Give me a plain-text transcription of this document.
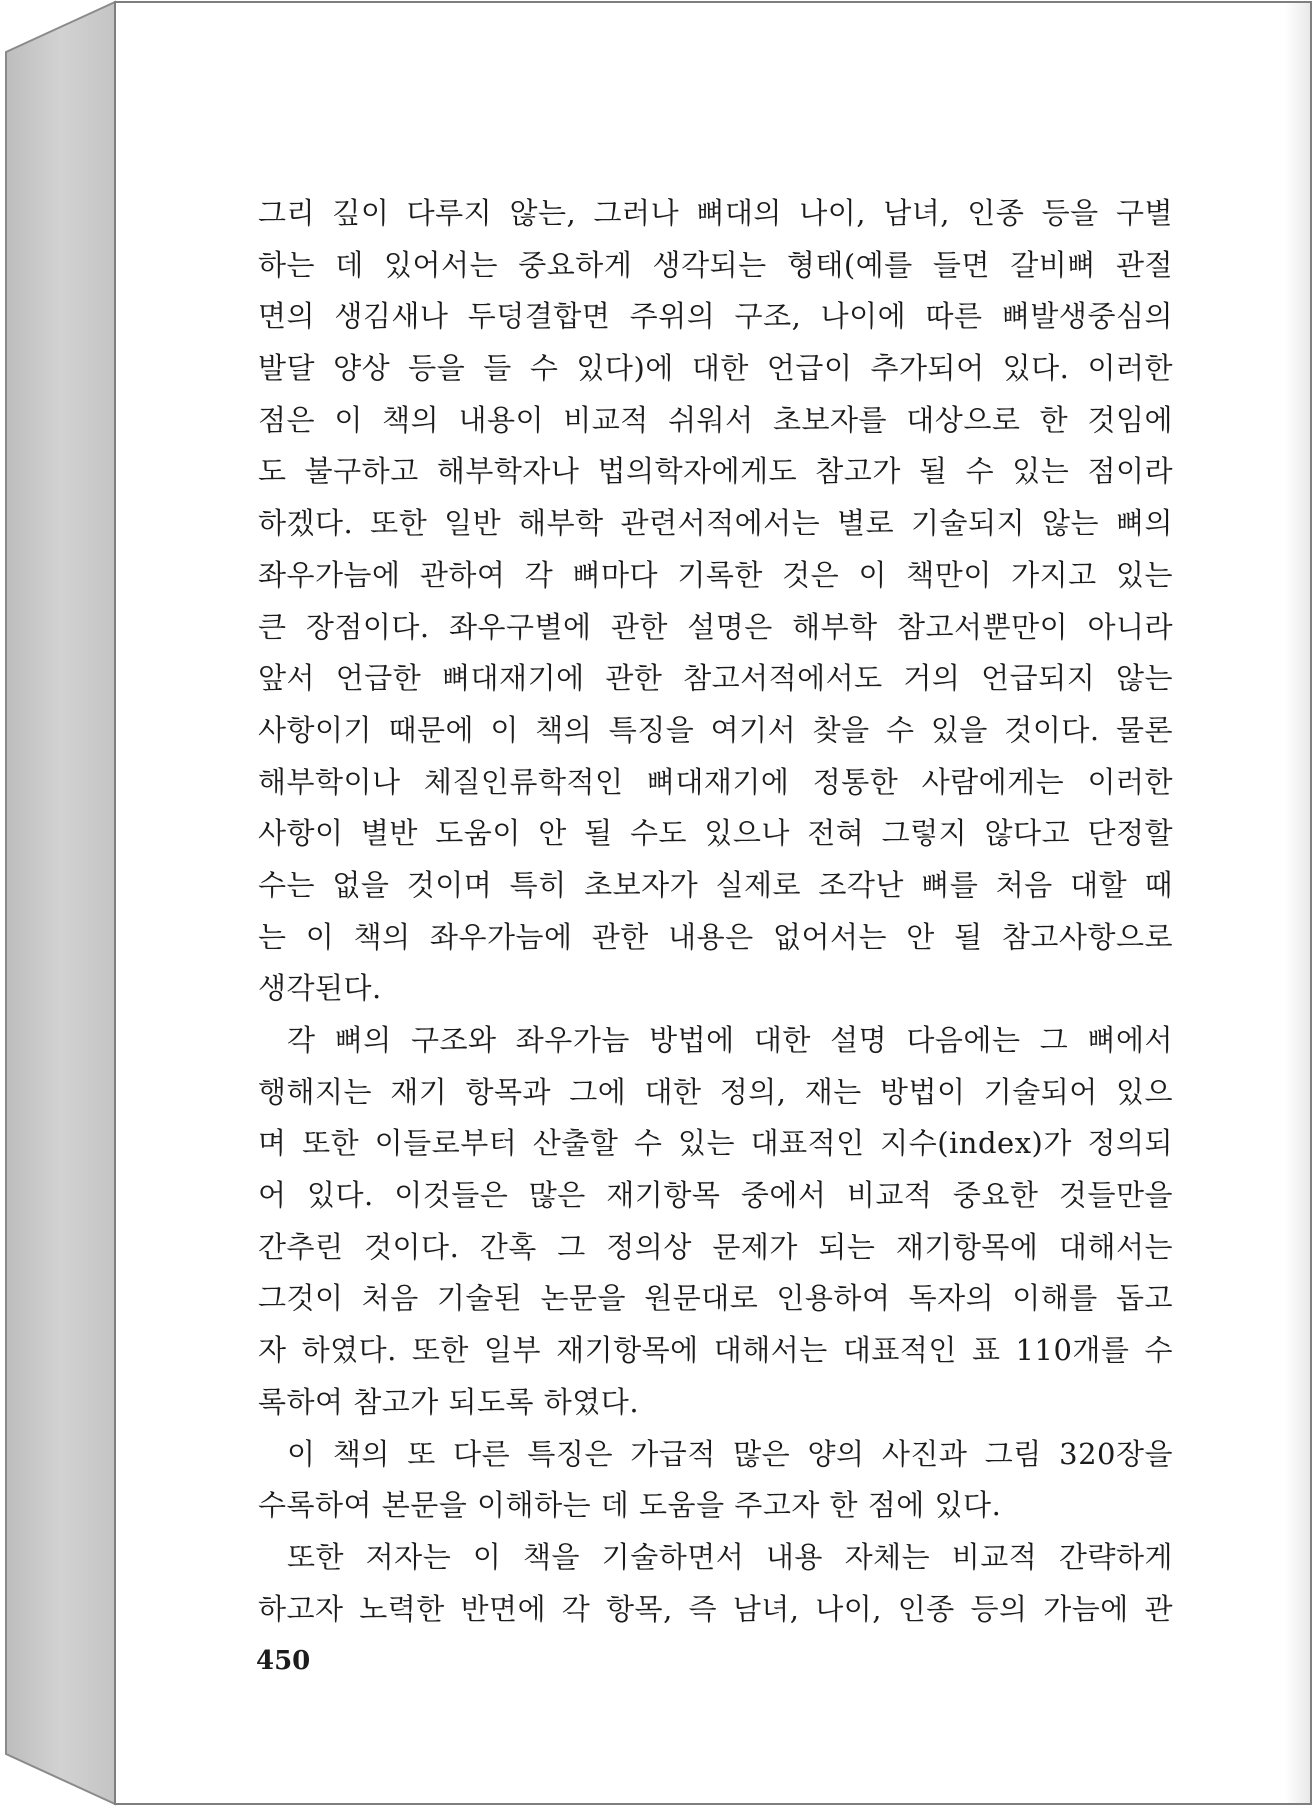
그리 깊이 다루지 않는, 그러나 뼈대의 나이, 남녀, 인종 등을 구별
하는 데 있어서는 중요하게 생각되는 형태(예를 들면 갈비뼈 관절
면의 생김새나 두덩결합면 주위의 구조, 나이에 따른 뼈발생중심의
발달 양상 등을 들 수 있다)에 대한 언급이 추가되어 있다. 이러한
점은 이 책의 내용이 비교적 쉬워서 초보자를 대상으로 한 것임에
도 불구하고 해부학자나 법의학자에게도 참고가 될 수 있는 점이라
하겠다. 또한 일반 해부학 관련서적에서는 별로 기술되지 않는 뼈의
좌우가늠에 관하여 각 뼈마다 기록한 것은 이 책만이 가지고 있는
큰 장점이다. 좌우구별에 관한 설명은 해부학 참고서뿐만이 아니라
앞서 언급한 뼈대재기에 관한 참고서적에서도 거의 언급되지 않는
사항이기 때문에 이 책의 특징을 여기서 찾을 수 있을 것이다. 물론
해부학이나 체질인류학적인 뼈대재기에 정통한 사람에게는 이러한
사항이 별반 도움이 안 될 수도 있으나 전혀 그렇지 않다고 단정할
수는 없을 것이며 특히 초보자가 실제로 조각난 뼈를 처음 대할 때
는 이 책의 좌우가늠에 관한 내용은 없어서는 안 될 참고사항으로
생각된다.
각 뼈의 구조와 좌우가늠 방법에 대한 설명 다음에는 그 뼈에서
행해지는 재기 항목과 그에 대한 정의, 재는 방법이 기술되어 있으
며 또한 이들로부터 산출할 수 있는 대표적인 지수(index)가 정의되
어 있다. 이것들은 많은 재기항목 중에서 비교적 중요한 것들만을
간추린 것이다. 간혹 그 정의상 문제가 되는 재기항목에 대해서는
그것이 처음 기술된 논문을 원문대로 인용하여 독자의 이해를 돕고
자 하였다. 또한 일부 재기항목에 대해서는 대표적인 표 110개를 수
록하여 참고가 되도록 하였다.
이 책의 또 다른 특징은 가급적 많은 양의 사진과 그림 320장을
수록하여 본문을 이해하는 데 도움을 주고자 한 점에 있다.
또한 저자는 이 책을 기술하면서 내용 자체는 비교적 간략하게
하고자 노력한 반면에 각 항목, 즉 남녀, 나이, 인종 등의 가늠에 관
450
